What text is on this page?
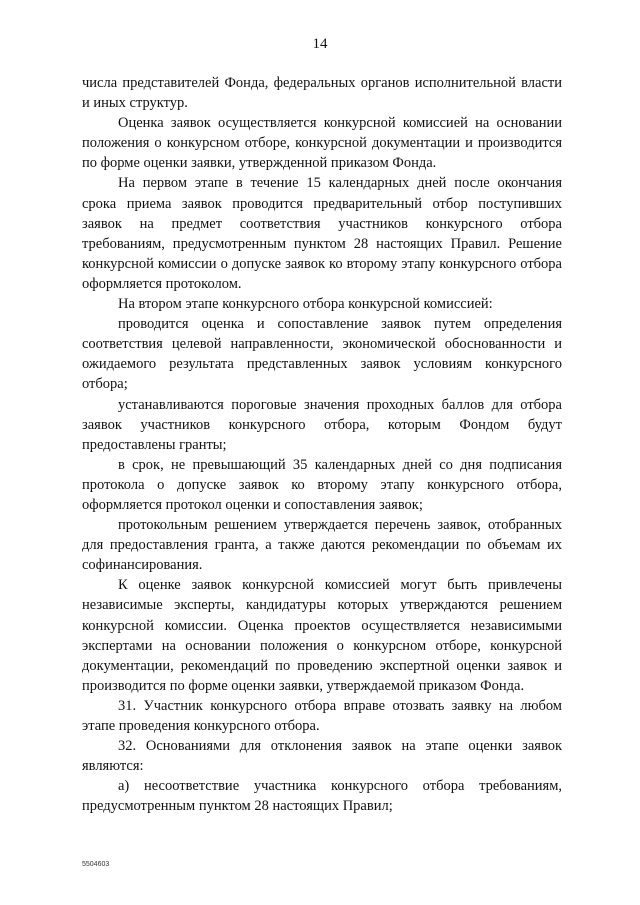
14

числа представителей Фонда, федеральных органов исполнительной власти и иных структур.

Оценка заявок осуществляется конкурсной комиссией на основании положения о конкурсном отборе, конкурсной документации и производится по форме оценки заявки, утвержденной приказом Фонда.

На первом этапе в течение 15 календарных дней после окончания срока приема заявок проводится предварительный отбор поступивших заявок на предмет соответствия участников конкурсного отбора требованиям, предусмотренным пунктом 28 настоящих Правил. Решение конкурсной комиссии о допуске заявок ко второму этапу конкурсного отбора оформляется протоколом.

На втором этапе конкурсного отбора конкурсной комиссией:

проводится оценка и сопоставление заявок путем определения соответствия целевой направленности, экономической обоснованности и ожидаемого результата представленных заявок условиям конкурсного отбора;

устанавливаются пороговые значения проходных баллов для отбора заявок участников конкурсного отбора, которым Фондом будут предоставлены гранты;

в срок, не превышающий 35 календарных дней со дня подписания протокола о допуске заявок ко второму этапу конкурсного отбора, оформляется протокол оценки и сопоставления заявок;

протокольным решением утверждается перечень заявок, отобранных для предоставления гранта, а также даются рекомендации по объемам их софинансирования.

К оценке заявок конкурсной комиссией могут быть привлечены независимые эксперты, кандидатуры которых утверждаются решением конкурсной комиссии. Оценка проектов осуществляется независимыми экспертами на основании положения о конкурсном отборе, конкурсной документации, рекомендаций по проведению экспертной оценки заявок и производится по форме оценки заявки, утверждаемой приказом Фонда.

31. Участник конкурсного отбора вправе отозвать заявку на любом этапе проведения конкурсного отбора.

32. Основаниями для отклонения заявок на этапе оценки заявок являются:

а) несоответствие участника конкурсного отбора требованиям, предусмотренным пунктом 28 настоящих Правил;

5504603
